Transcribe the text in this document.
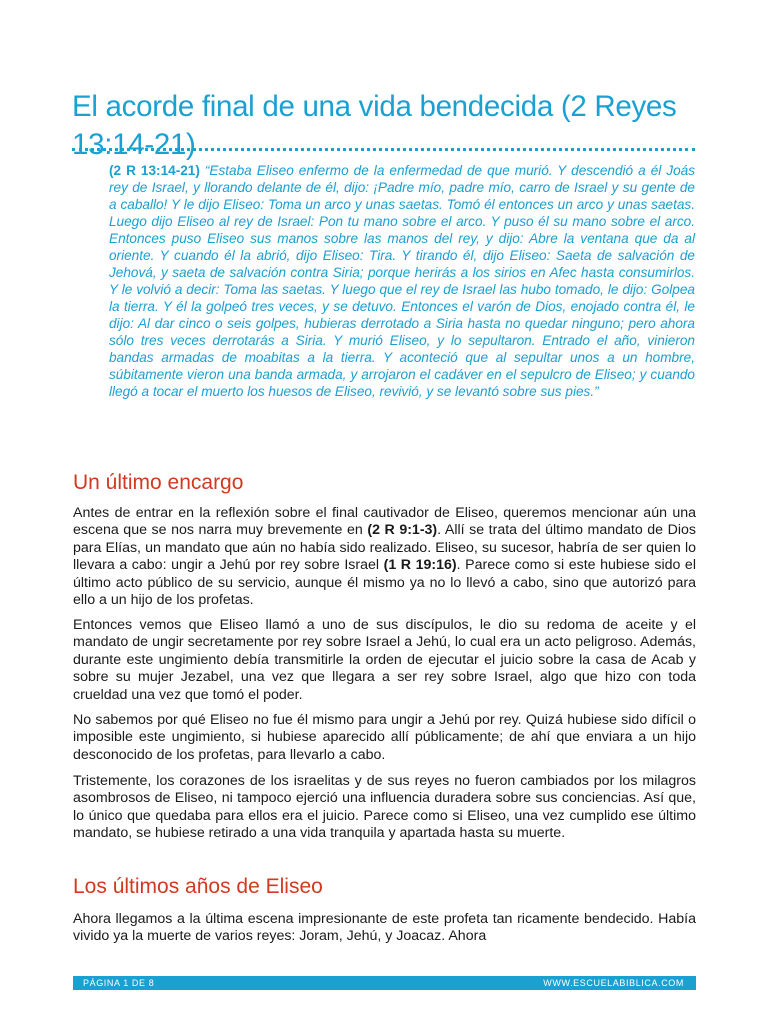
El acorde final de una vida bendecida (2 Reyes 13:14-21)

(2 R 13:14-21) “Estaba Eliseo enfermo de la enfermedad de que murió. Y descendió a él Joás rey de Israel, y llorando delante de él, dijo: ¡Padre mío, padre mío, carro de Israel y su gente de a caballo! Y le dijo Eliseo: Toma un arco y unas saetas. Tomó él entonces un arco y unas saetas. Luego dijo Eliseo al rey de Israel: Pon tu mano sobre el arco. Y puso él su mano sobre el arco. Entonces puso Eliseo sus manos sobre las manos del rey, y dijo: Abre la ventana que da al oriente. Y cuando él la abrió, dijo Eliseo: Tira. Y tirando él, dijo Eliseo: Saeta de salvación de Jehová, y saeta de salvación contra Siria; porque herirás a los sirios en Afec hasta consumirlos. Y le volvió a decir: Toma las saetas. Y luego que el rey de Israel las hubo tomado, le dijo: Golpea la tierra. Y él la golpeó tres veces, y se detuvo. Entonces el varón de Dios, enojado contra él, le dijo: Al dar cinco o seis golpes, hubieras derrotado a Siria hasta no quedar ninguno; pero ahora sólo tres veces derrotarás a Siria. Y murió Eliseo, y lo sepultaron. Entrado el año, vinieron bandas armadas de moabitas a la tierra. Y aconteció que al sepultar unos a un hombre, súbitamente vieron una banda armada, y arrojaron el cadáver en el sepulcro de Eliseo; y cuando llegó a tocar el muerto los huesos de Eliseo, revivió, y se levantó sobre sus pies.”

Un último encargo

Antes de entrar en la reflexión sobre el final cautivador de Eliseo, queremos mencionar aún una escena que se nos narra muy brevemente en (2 R 9:1-3). Allí se trata del último mandato de Dios para Elías, un mandato que aún no había sido realizado. Eliseo, su sucesor, habría de ser quien lo llevara a cabo: ungir a Jehú por rey sobre Israel (1 R 19:16). Parece como si este hubiese sido el último acto público de su servicio, aunque él mismo ya no lo llevó a cabo, sino que autorizó para ello a un hijo de los profetas.

Entonces vemos que Eliseo llamó a uno de sus discípulos, le dio su redoma de aceite y el mandato de ungir secretamente por rey sobre Israel a Jehú, lo cual era un acto peligroso. Además, durante este ungimiento debía transmitirle la orden de ejecutar el juicio sobre la casa de Acab y sobre su mujer Jezabel, una vez que llegara a ser rey sobre Israel, algo que hizo con toda crueldad una vez que tomó el poder.

No sabemos por qué Eliseo no fue él mismo para ungir a Jehú por rey. Quizá hubiese sido difícil o imposible este ungimiento, si hubiese aparecido allí públicamente; de ahí que enviara a un hijo desconocido de los profetas, para llevarlo a cabo.

Tristemente, los corazones de los israelitas y de sus reyes no fueron cambiados por los milagros asombrosos de Eliseo, ni tampoco ejerció una influencia duradera sobre sus conciencias. Así que, lo único que quedaba para ellos era el juicio. Parece como si Eliseo, una vez cumplido ese último mandato, se hubiese retirado a una vida tranquila y apartada hasta su muerte.

Los últimos años de Eliseo

Ahora llegamos a la última escena impresionante de este profeta tan ricamente bendecido. Había vivido ya la muerte de varios reyes: Joram, Jehú, y Joacaz. Ahora

PÁGINA 1 DE 8	WWW.ESCUELABIBLICA.COM
